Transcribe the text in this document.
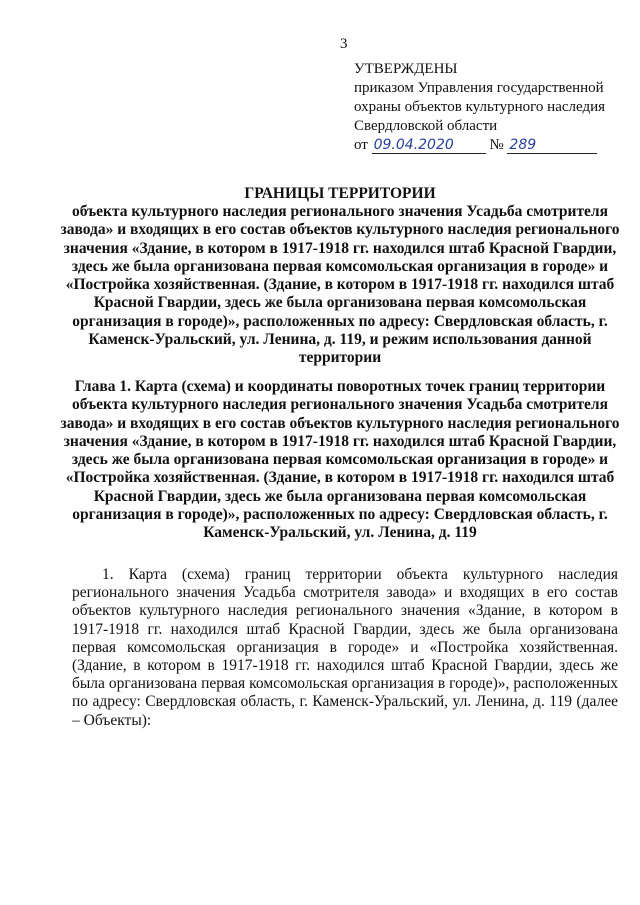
3
УТВЕРЖДЕНЫ
приказом Управления государственной
охраны объектов культурного наследия
Свердловской области
от 09.04.2020 № 289
ГРАНИЦЫ ТЕРРИТОРИИ
объекта культурного наследия регионального значения Усадьба смотрителя завода» и входящих в его состав объектов культурного наследия регионального значения «Здание, в котором в 1917-1918 гг. находился штаб Красной Гвардии, здесь же была организована первая комсомольская организация в городе» и «Постройка хозяйственная. (Здание, в котором в 1917-1918 гг. находился штаб Красной Гвардии, здесь же была организована первая комсомольская организация в городе)», расположенных по адресу: Свердловская область, г. Каменск-Уральский, ул. Ленина, д. 119, и режим использования данной территории
Глава 1. Карта (схема) и координаты поворотных точек границ территории объекта культурного наследия регионального значения Усадьба смотрителя завода» и входящих в его состав объектов культурного наследия регионального значения «Здание, в котором в 1917-1918 гг. находился штаб Красной Гвардии, здесь же была организована первая комсомольская организация в городе» и «Постройка хозяйственная. (Здание, в котором в 1917-1918 гг. находился штаб Красной Гвардии, здесь же была организована первая комсомольская организация в городе)», расположенных по адресу: Свердловская область, г. Каменск-Уральский, ул. Ленина, д. 119
1. Карта (схема) границ территории объекта культурного наследия регионального значения Усадьба смотрителя завода» и входящих в его состав объектов культурного наследия регионального значения «Здание, в котором в 1917-1918 гг. находился штаб Красной Гвардии, здесь же была организована первая комсомольская организация в городе» и «Постройка хозяйственная. (Здание, в котором в 1917-1918 гг. находился штаб Красной Гвардии, здесь же была организована первая комсомольская организация в городе)», расположенных по адресу: Свердловская область, г. Каменск-Уральский, ул. Ленина, д. 119 (далее – Объекты):
